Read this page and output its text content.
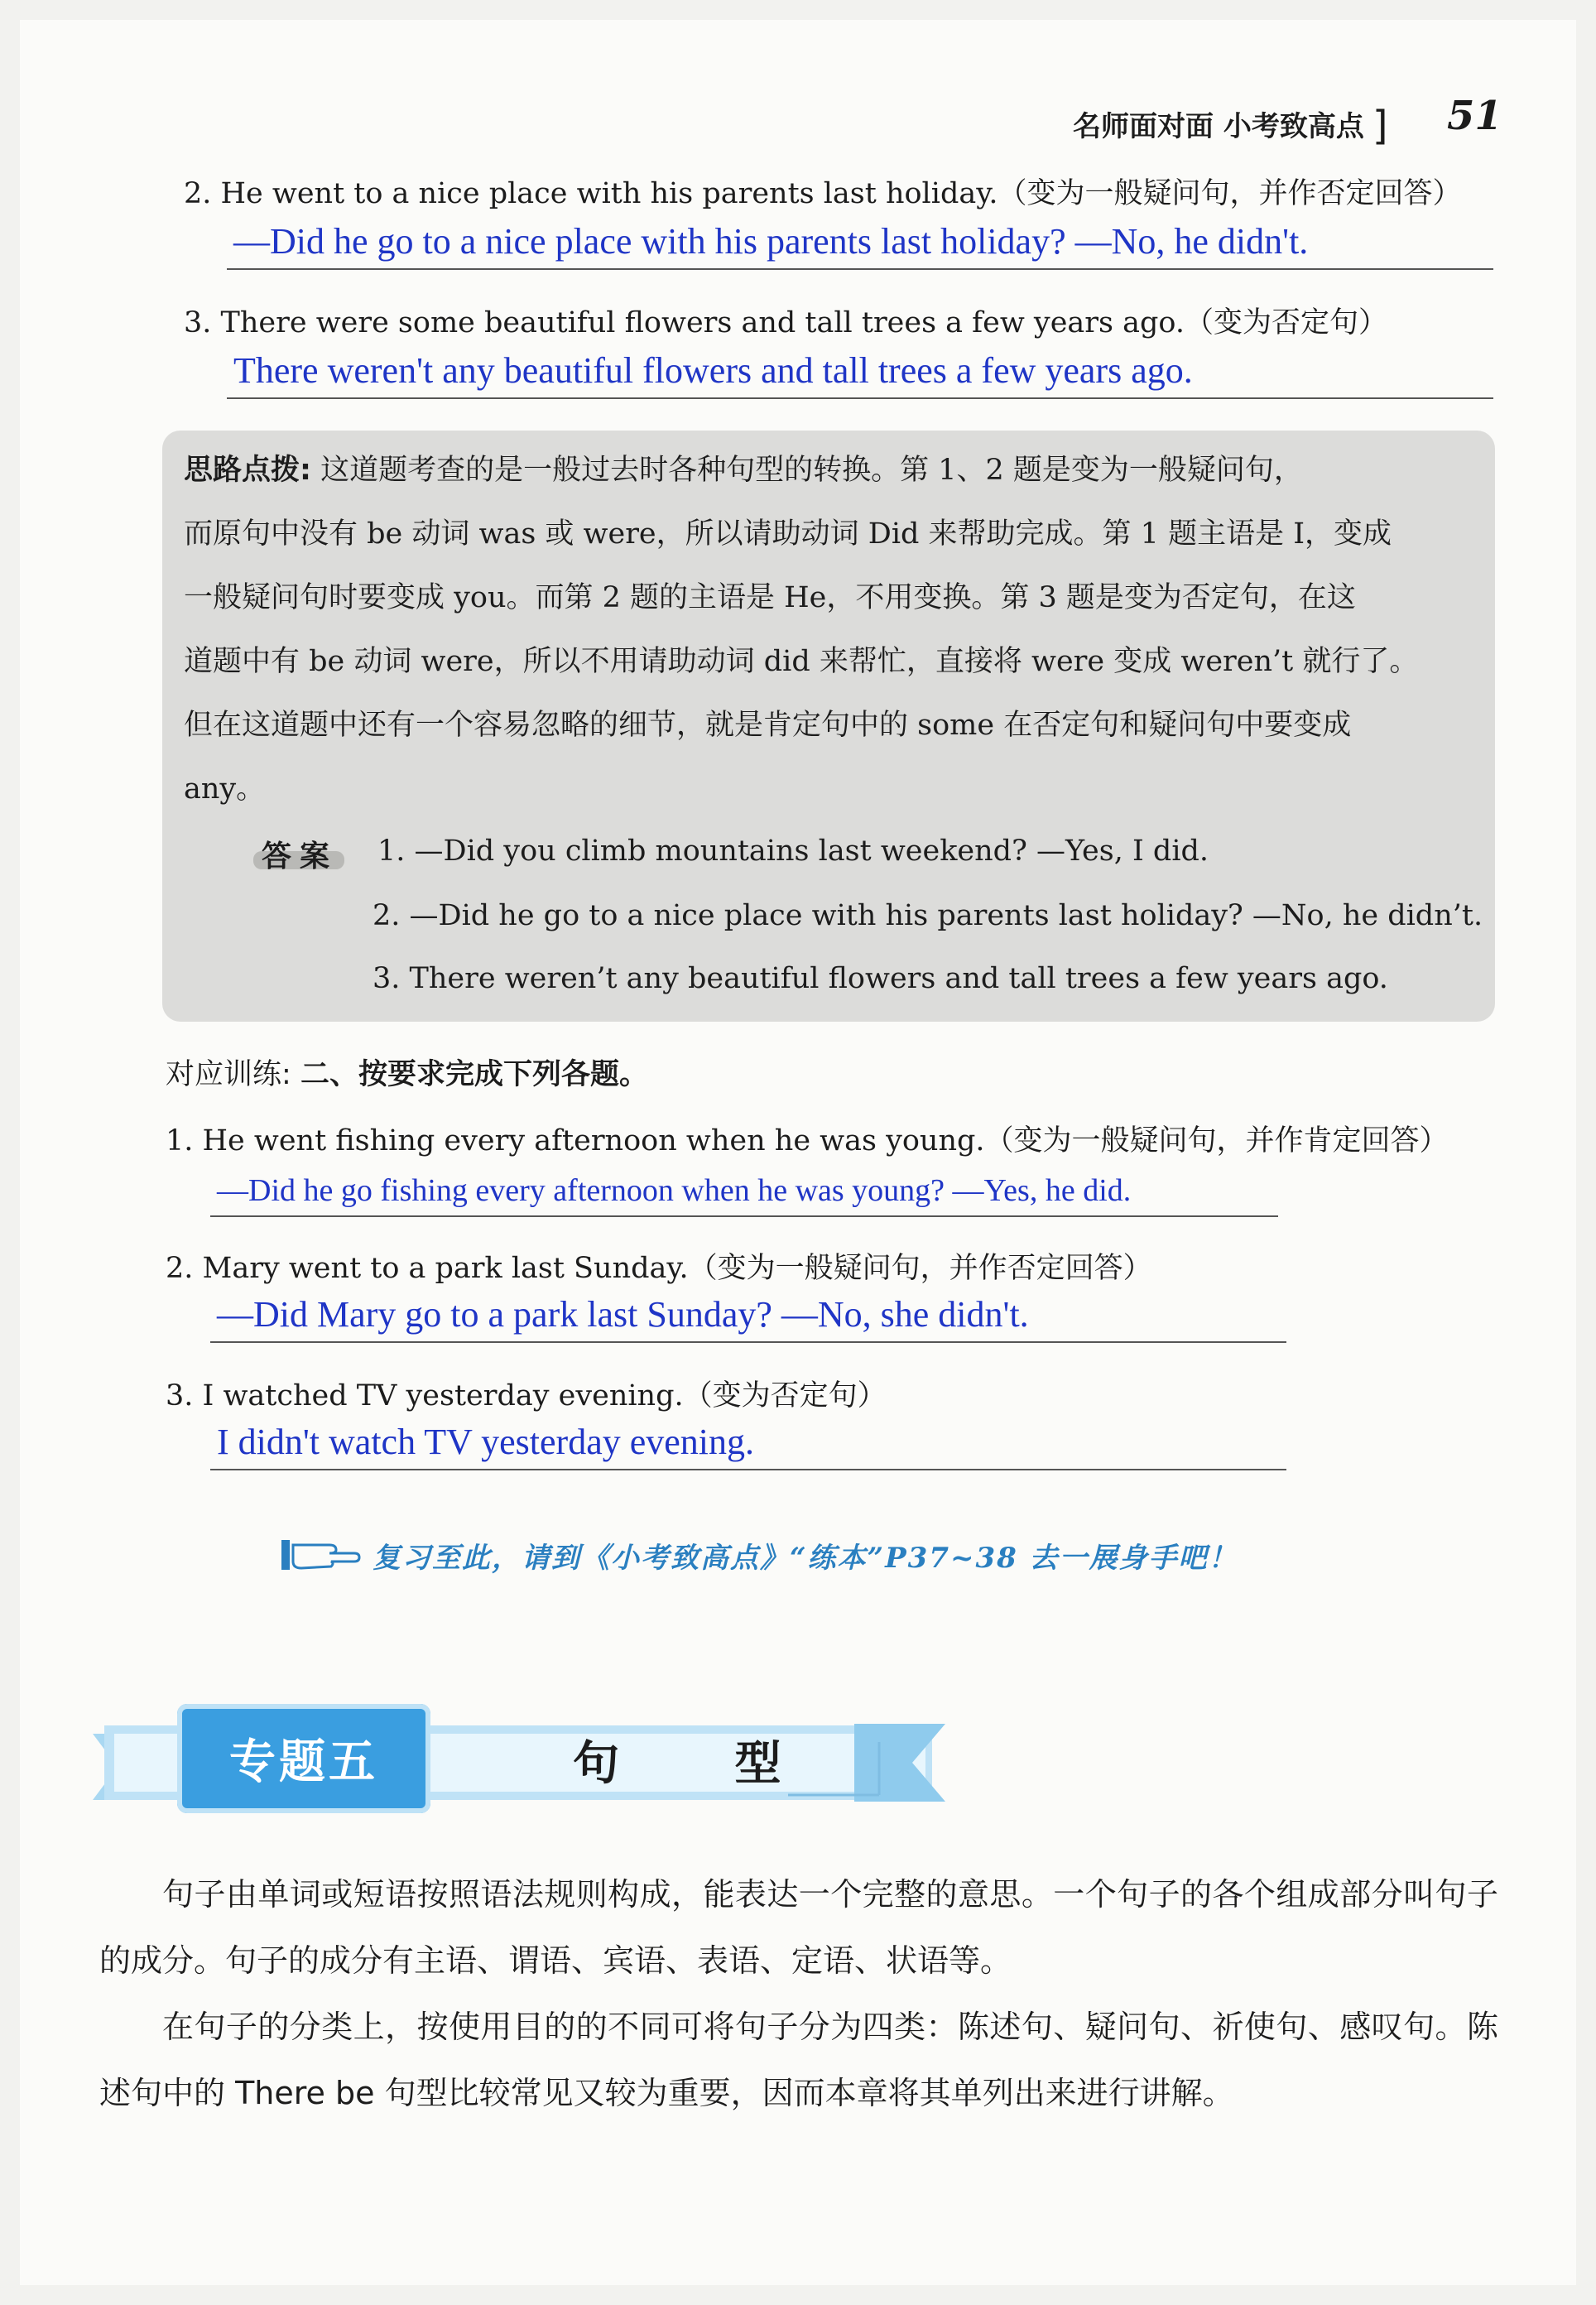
名师面对面 小考致高点 ] 51
2. He went to a nice place with his parents last holiday.（变为一般疑问句，并作否定回答）
—Did he go to a nice place with his parents last holiday? —No, he didn't.
3. There were some beautiful flowers and tall trees a few years ago.（变为否定句）
There weren't any beautiful flowers and tall trees a few years ago.
思路点拨: 这道题考查的是一般过去时各种句型的转换。第 1、2 题是变为一般疑问句，
而原句中没有 be 动词 was 或 were，所以请助动词 Did 来帮助完成。第 1 题主语是 I，变成
一般疑问句时要变成 you。而第 2 题的主语是 He，不用变换。第 3 题是变为否定句，在这
道题中有 be 动词 were，所以不用请助动词 did 来帮忙，直接将 were 变成 weren’t 就行了。
但在这道题中还有一个容易忽略的细节，就是肯定句中的 some 在否定句和疑问句中要变成
any。
答案 1. —Did you climb mountains last weekend? —Yes, I did.
2. —Did he go to a nice place with his parents last holiday? —No, he didn’t.
3. There weren’t any beautiful flowers and tall trees a few years ago.
对应训练: 二、按要求完成下列各题。
1. He went fishing every afternoon when he was young.（变为一般疑问句，并作肯定回答）
—Did he go fishing every afternoon when he was young? —Yes, he did.
2. Mary went to a park last Sunday.（变为一般疑问句，并作否定回答）
—Did Mary go to a park last Sunday? —No, she didn't.
3. I watched TV yesterday evening.（变为否定句）
I didn't watch TV yesterday evening.
复习至此，请到《小考致高点》“练本”P37~38 去一展身手吧！
专题五	句 型
句子由单词或短语按照语法规则构成，能表达一个完整的意思。一个句子的各个组成部分叫句子的成分。句子的成分有主语、谓语、宾语、表语、定语、状语等。
在句子的分类上，按使用目的的不同可将句子分为四类：陈述句、疑问句、祈使句、感叹句。陈述句中的 There be 句型比较常见又较为重要，因而本章将其单列出来进行讲解。
